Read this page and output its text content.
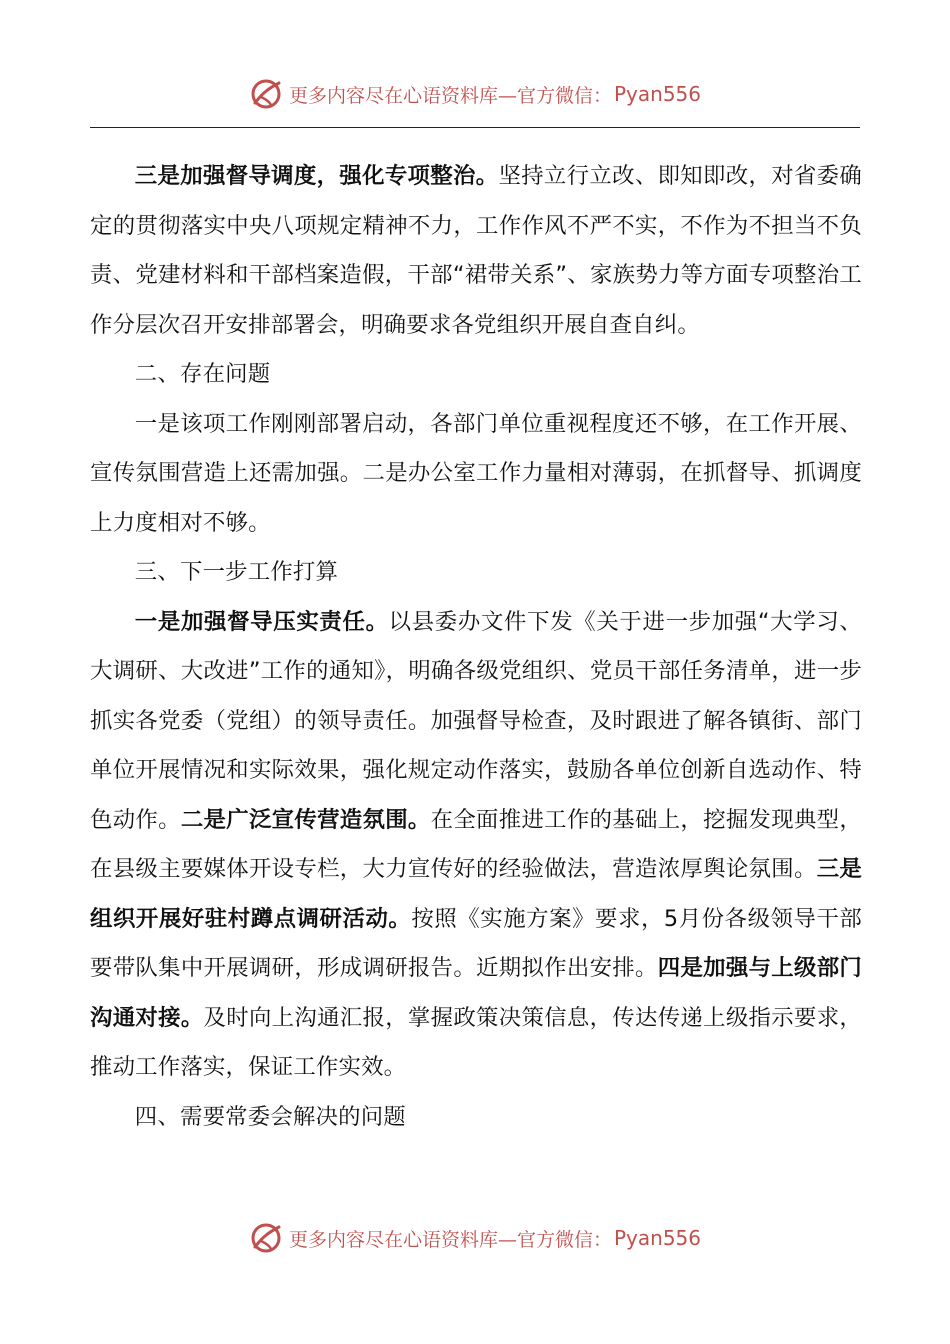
更多内容尽在心语资料库—官方微信： Pyan556

三是加强督导调度，强化专项整治。坚持立行立改、即知即改，对省委确定的贯彻落实中央八项规定精神不力，工作作风不严不实，不作为不担当不负责、党建材料和干部档案造假，干部“裙带关系”、家族势力等方面专项整治工作分层次召开安排部署会，明确要求各党组织开展自查自纠。

二、存在问题

一是该项工作刚刚部署启动，各部门单位重视程度还不够，在工作开展、宣传氛围营造上还需加强。二是办公室工作力量相对薄弱，在抓督导、抓调度上力度相对不够。

三、下一步工作打算

一是加强督导压实责任。以县委办文件下发《关于进一步加强“大学习、大调研、大改进”工作的通知》，明确各级党组织、党员干部任务清单，进一步抓实各党委（党组）的领导责任。加强督导检查，及时跟进了解各镇街、部门单位开展情况和实际效果，强化规定动作落实，鼓励各单位创新自选动作、特色动作。二是广泛宣传营造氛围。在全面推进工作的基础上，挖掘发现典型，在县级主要媒体开设专栏，大力宣传好的经验做法，营造浓厚舆论氛围。三是组织开展好驻村蹲点调研活动。按照《实施方案》要求，5月份各级领导干部要带队集中开展调研，形成调研报告。近期拟作出安排。四是加强与上级部门沟通对接。及时向上沟通汇报，掌握政策决策信息，传达传递上级指示要求，推动工作落实，保证工作实效。

四、需要常委会解决的问题

更多内容尽在心语资料库—官方微信： Pyan556
